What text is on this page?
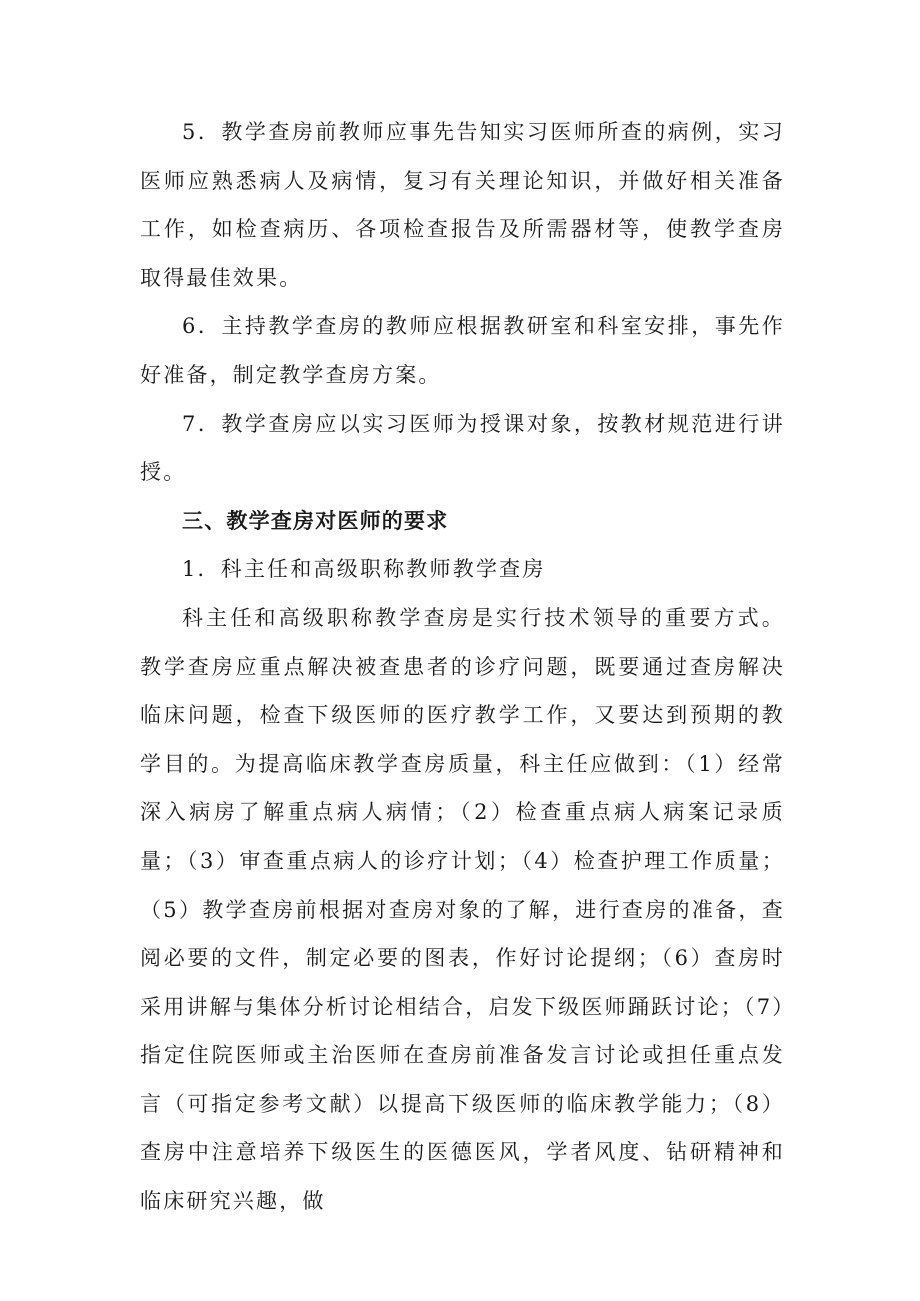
5．教学查房前教师应事先告知实习医师所查的病例，实习医师应熟悉病人及病情，复习有关理论知识，并做好相关准备工作，如检查病历、各项检查报告及所需器材等，使教学查房取得最佳效果。

6．主持教学查房的教师应根据教研室和科室安排，事先作好准备，制定教学查房方案。

7．教学查房应以实习医师为授课对象，按教材规范进行讲授。

三、教学查房对医师的要求

1．科主任和高级职称教师教学查房

科主任和高级职称教学查房是实行技术领导的重要方式。教学查房应重点解决被查患者的诊疗问题，既要通过查房解决临床问题，检查下级医师的医疗教学工作，又要达到预期的教学目的。为提高临床教学查房质量，科主任应做到：（1）经常深入病房了解重点病人病情；（2）检查重点病人病案记录质量；（3）审查重点病人的诊疗计划；（4）检查护理工作质量；（5）教学查房前根据对查房对象的了解，进行查房的准备，查阅必要的文件，制定必要的图表，作好讨论提纲；（6）查房时采用讲解与集体分析讨论相结合，启发下级医师踊跃讨论；（7）指定住院医师或主治医师在查房前准备发言讨论或担任重点发言（可指定参考文献）以提高下级医师的临床教学能力；（8）查房中注意培养下级医生的医德医风，学者风度、钻研精神和临床研究兴趣，做
